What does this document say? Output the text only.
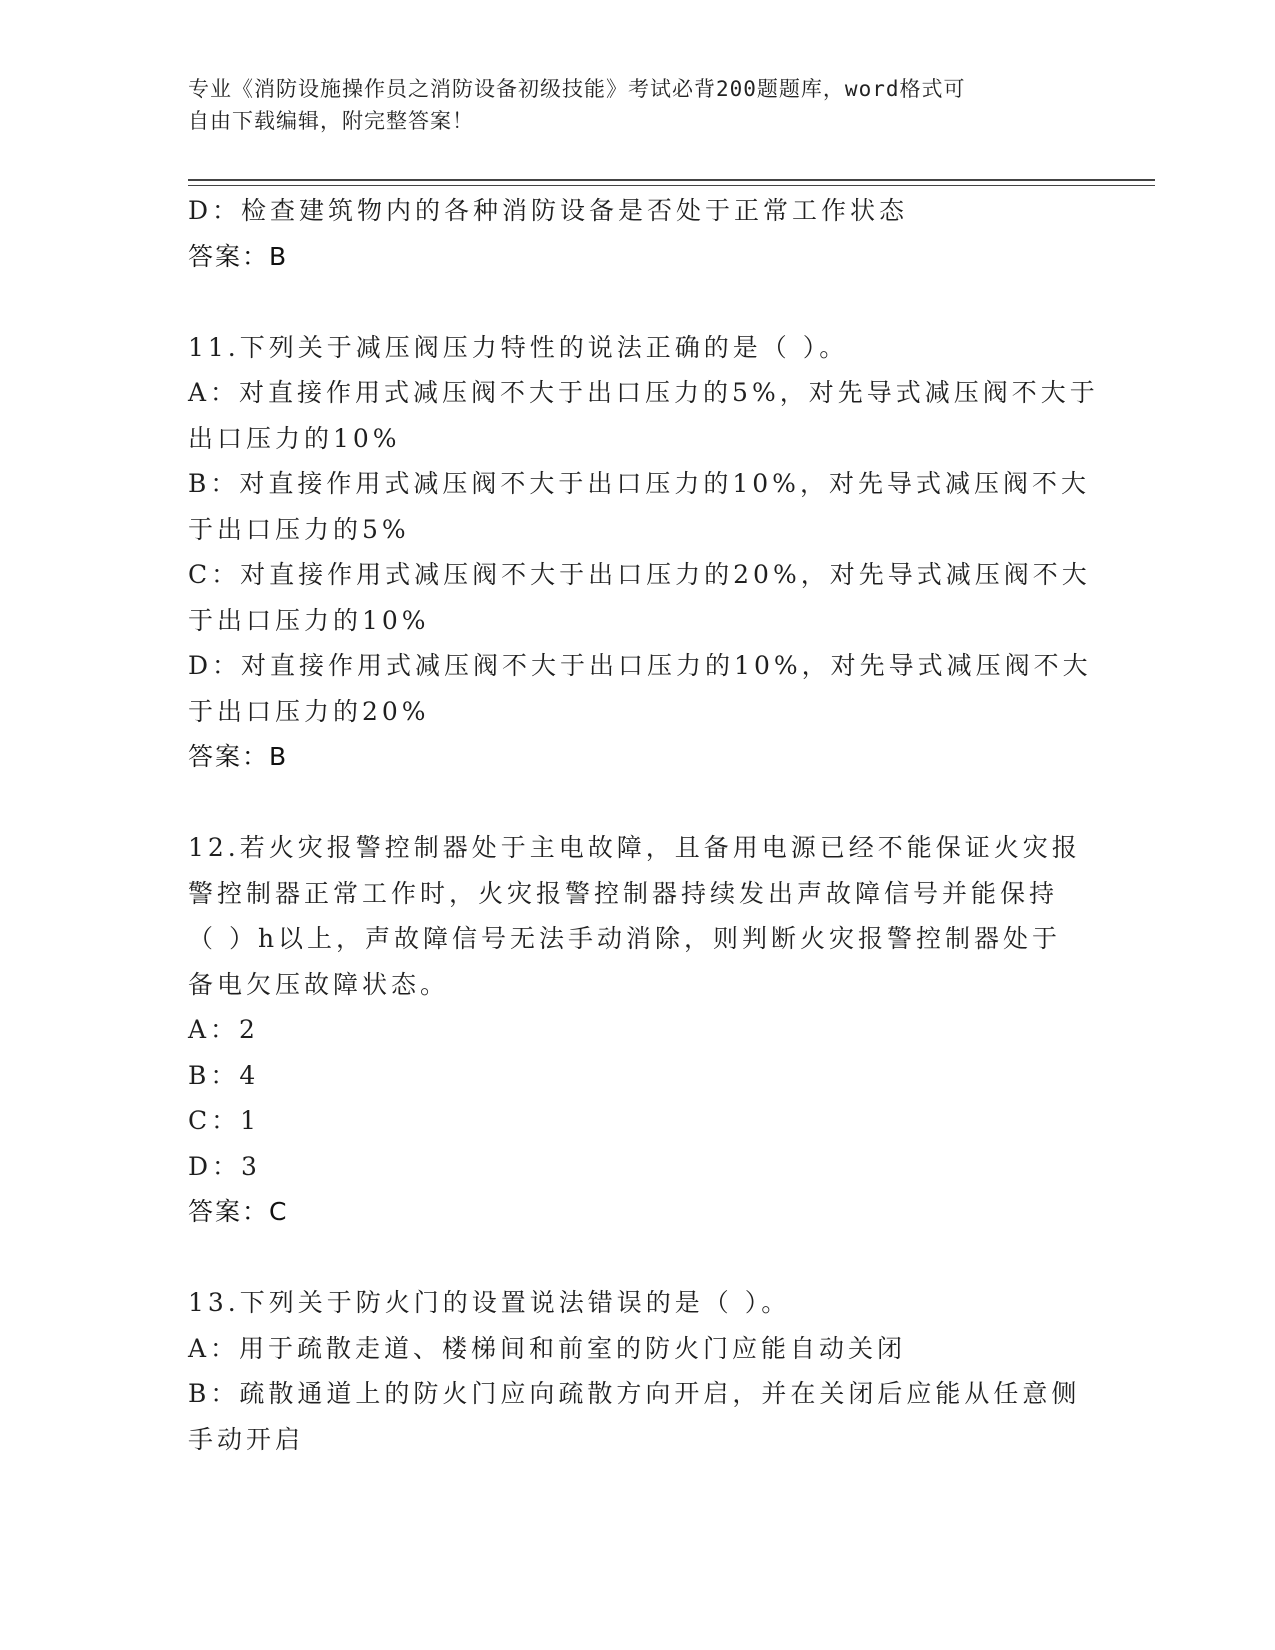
专业《消防设施操作员之消防设备初级技能》考试必背200题题库，word格式可
自由下载编辑，附完整答案！
D：检查建筑物内的各种消防设备是否处于正常工作状态
答案：B
11.下列关于减压阀压力特性的说法正确的是（ ）。
A：对直接作用式减压阀不大于出口压力的5%，对先导式减压阀不大于
出口压力的10%
B：对直接作用式减压阀不大于出口压力的10%，对先导式减压阀不大
于出口压力的5%
C：对直接作用式减压阀不大于出口压力的20%，对先导式减压阀不大
于出口压力的10%
D：对直接作用式减压阀不大于出口压力的10%，对先导式减压阀不大
于出口压力的20%
答案：B
12.若火灾报警控制器处于主电故障，且备用电源已经不能保证火灾报
警控制器正常工作时，火灾报警控制器持续发出声故障信号并能保持
（ ）h以上，声故障信号无法手动消除，则判断火灾报警控制器处于
备电欠压故障状态。
A：2
B：4
C：1
D：3
答案：C
13.下列关于防火门的设置说法错误的是（ ）。
A：用于疏散走道、楼梯间和前室的防火门应能自动关闭
B：疏散通道上的防火门应向疏散方向开启，并在关闭后应能从任意侧
手动开启
